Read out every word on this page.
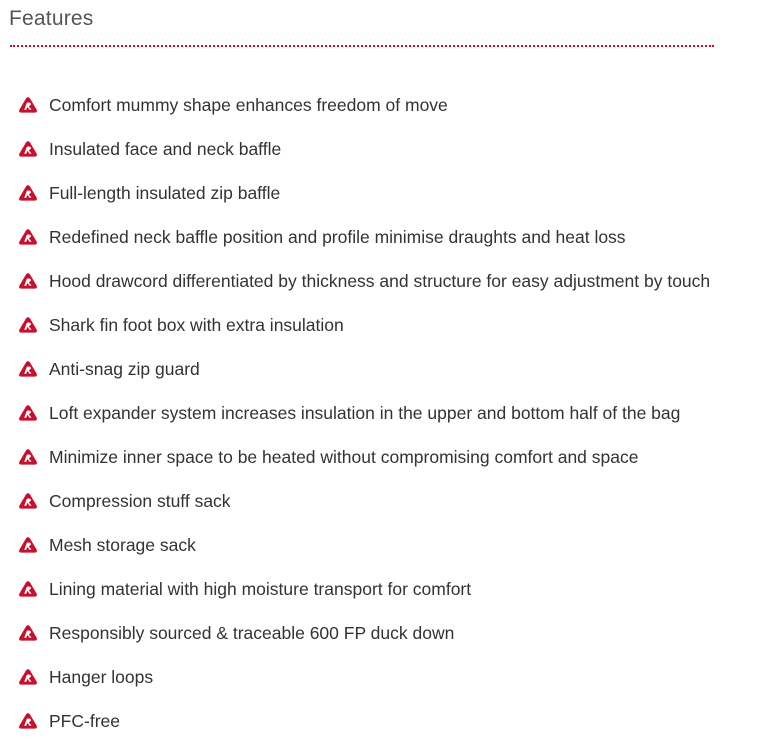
Features
Comfort mummy shape enhances freedom of move
Insulated face and neck baffle
Full-length insulated zip baffle
Redefined neck baffle position and profile minimise draughts and heat loss
Hood drawcord differentiated by thickness and structure for easy adjustment by touch
Shark fin foot box with extra insulation
Anti-snag zip guard
Loft expander system increases insulation in the upper and bottom half of the bag
Minimize inner space to be heated without compromising comfort and space
Compression stuff sack
Mesh storage sack
Lining material with high moisture transport for comfort
Responsibly sourced & traceable 600 FP duck down
Hanger loops
PFC-free
